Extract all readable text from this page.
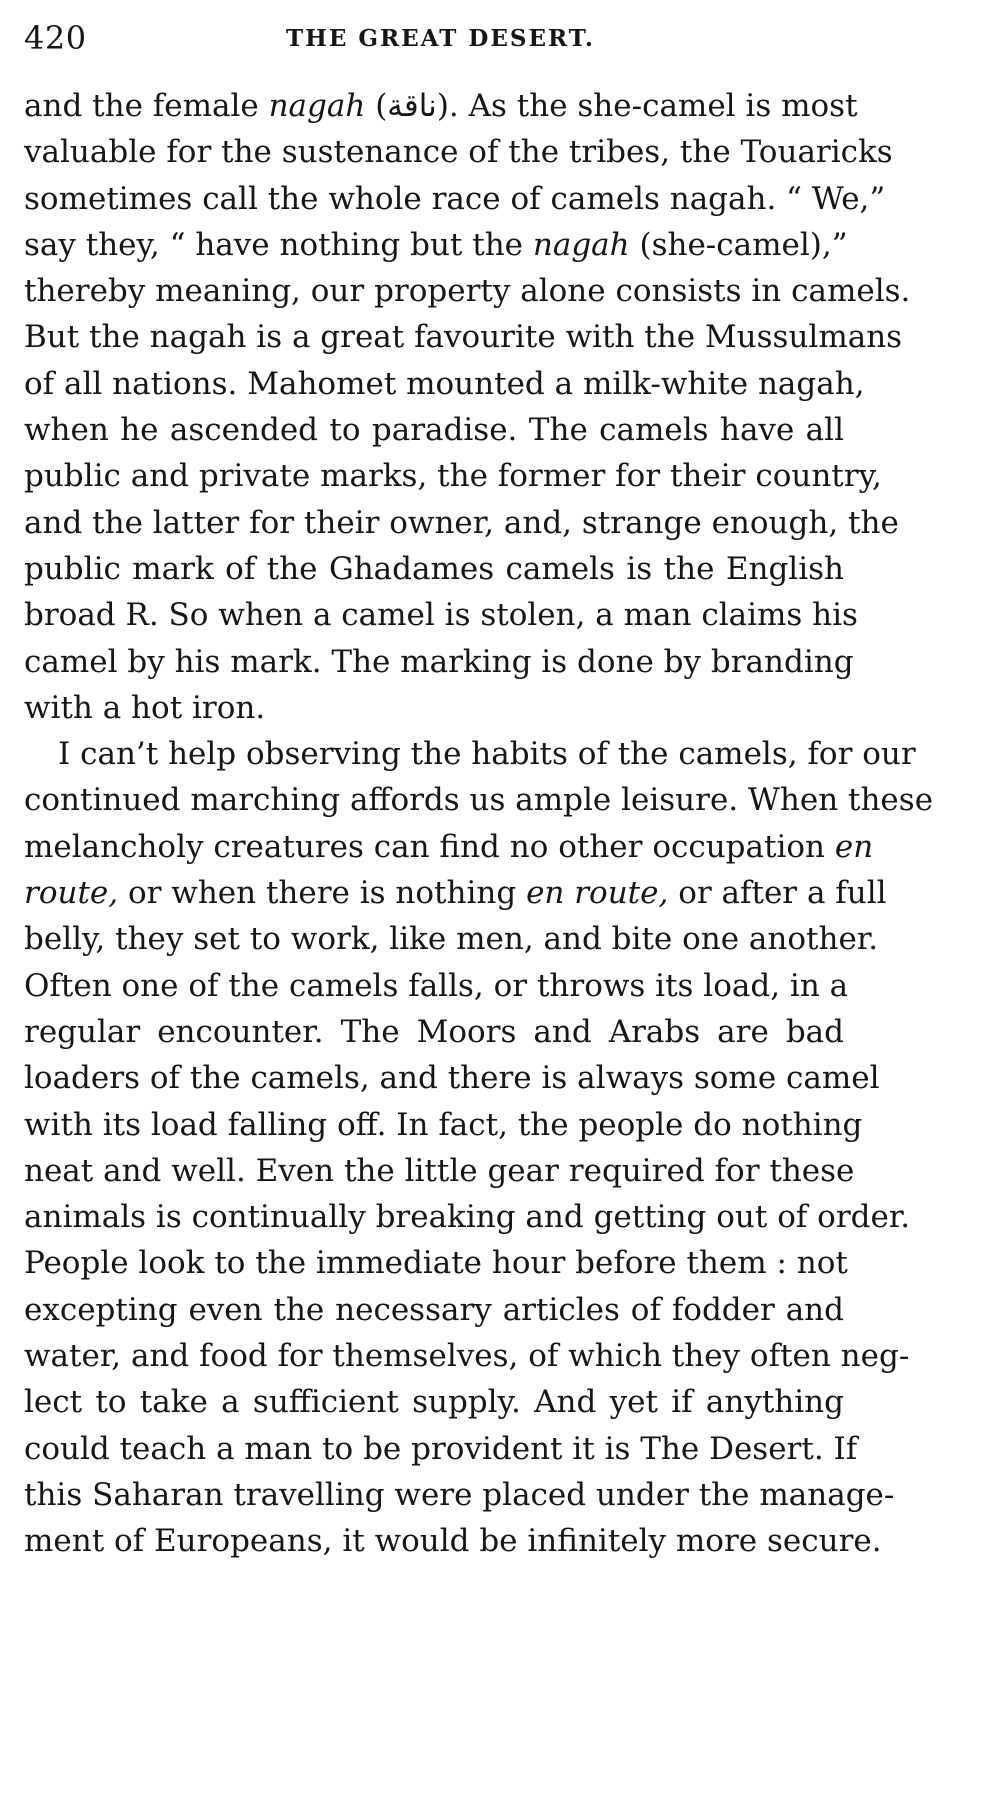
420	THE GREAT DESERT.
and the female nagah (ناقة). As the she-camel is most
valuable for the sustenance of the tribes, the Touaricks
sometimes call the whole race of camels nagah. “ We,”
say they, “ have nothing but the nagah (she-camel),”
thereby meaning, our property alone consists in camels.
But the nagah is a great favourite with the Mussulmans
of all nations. Mahomet mounted a milk-white nagah,
when he ascended to paradise. The camels have all
public and private marks, the former for their country,
and the latter for their owner, and, strange enough, the
public mark of the Ghadames camels is the English
broad R. So when a camel is stolen, a man claims his
camel by his mark. The marking is done by branding
with a hot iron.
I can’t help observing the habits of the camels, for our
continued marching affords us ample leisure. When these
melancholy creatures can find no other occupation en
route, or when there is nothing en route, or after a full
belly, they set to work, like men, and bite one another.
Often one of the camels falls, or throws its load, in a
regular encounter. The Moors and Arabs are bad
loaders of the camels, and there is always some camel
with its load falling off. In fact, the people do nothing
neat and well. Even the little gear required for these
animals is continually breaking and getting out of order.
People look to the immediate hour before them : not
excepting even the necessary articles of fodder and
water, and food for themselves, of which they often neg-
lect to take a sufficient supply. And yet if anything
could teach a man to be provident it is The Desert. If
this Saharan travelling were placed under the manage-
ment of Europeans, it would be infinitely more secure.
